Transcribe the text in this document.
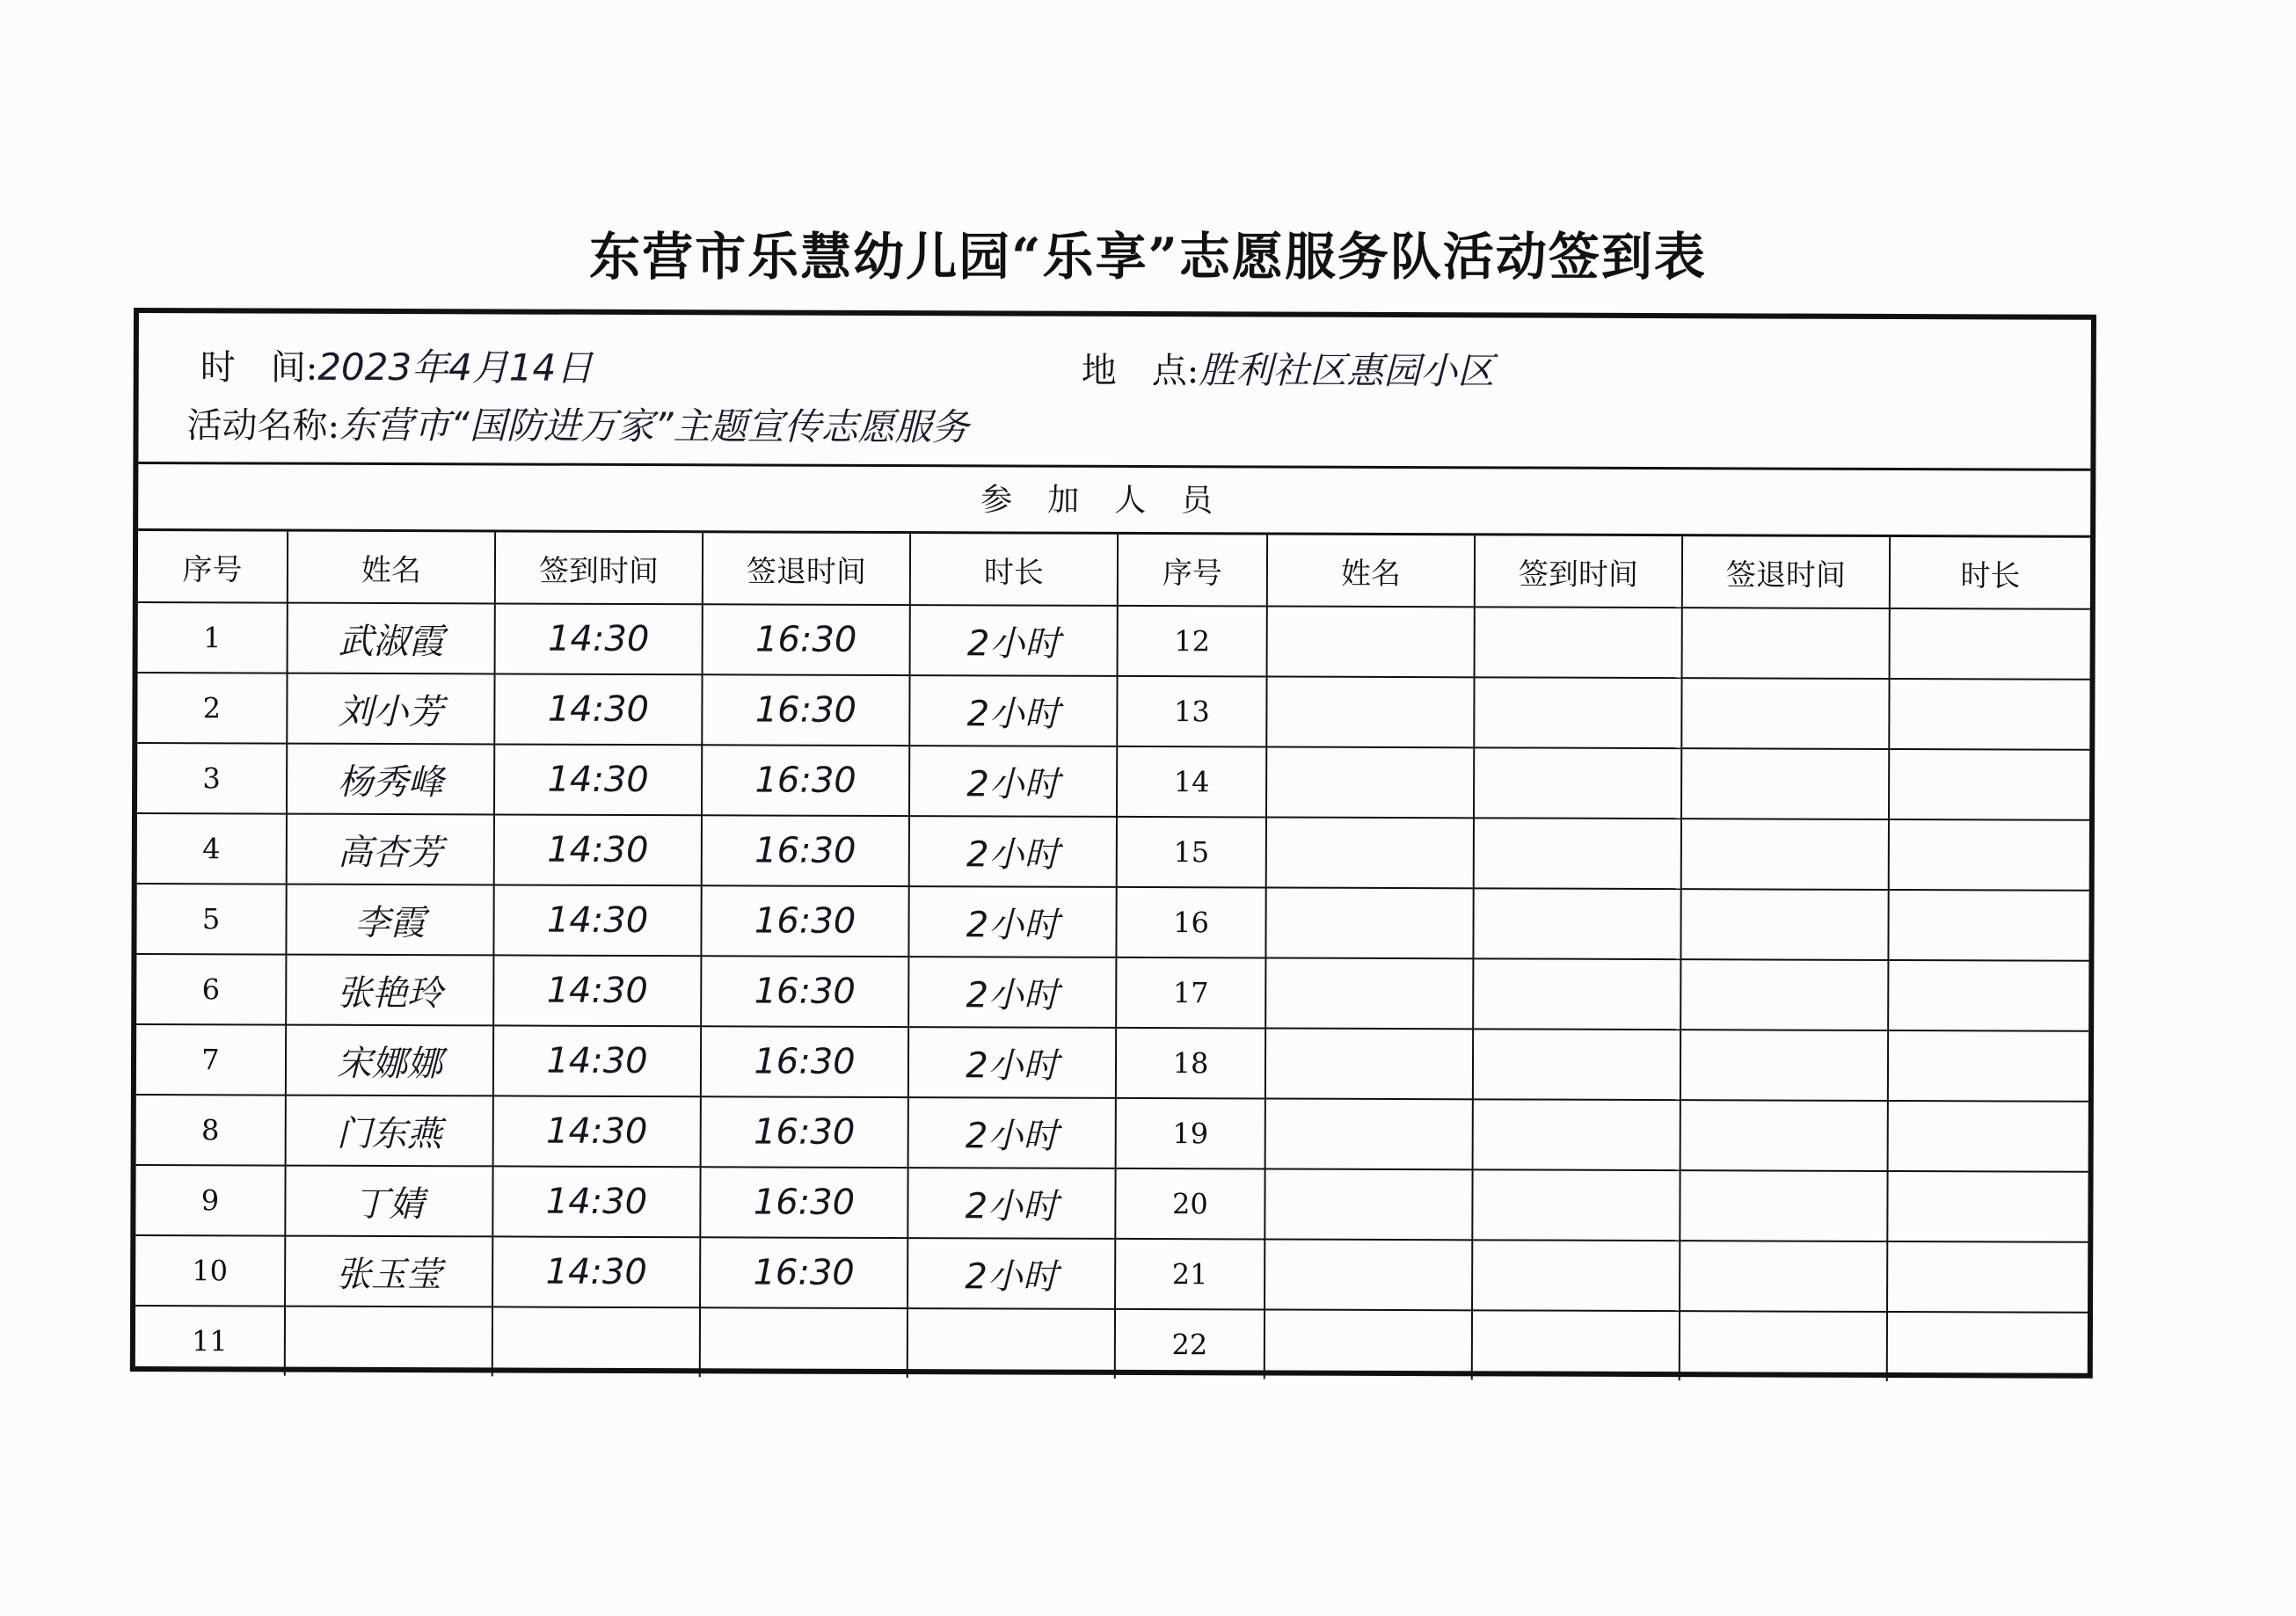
东营市乐慧幼儿园“乐享”志愿服务队活动签到表
时　间:2023年4月14日	地　点:胜利社区惠园小区
活动名称:东营市“国防进万家”主题宣传志愿服务
参加人员
序号	姓名	签到时间	签退时间	时长	序号	姓名	签到时间	签退时间	时长
1	武淑霞	14:30	16:30	2小时	12				
2	刘小芳	14:30	16:30	2小时	13				
3	杨秀峰	14:30	16:30	2小时	14				
4	高杏芳	14:30	16:30	2小时	15				
5	李霞	14:30	16:30	2小时	16				
6	张艳玲	14:30	16:30	2小时	17				
7	宋娜娜	14:30	16:30	2小时	18				
8	门东燕	14:30	16:30	2小时	19				
9	丁婧	14:30	16:30	2小时	20				
10	张玉莹	14:30	16:30	2小时	21				
11					22				
